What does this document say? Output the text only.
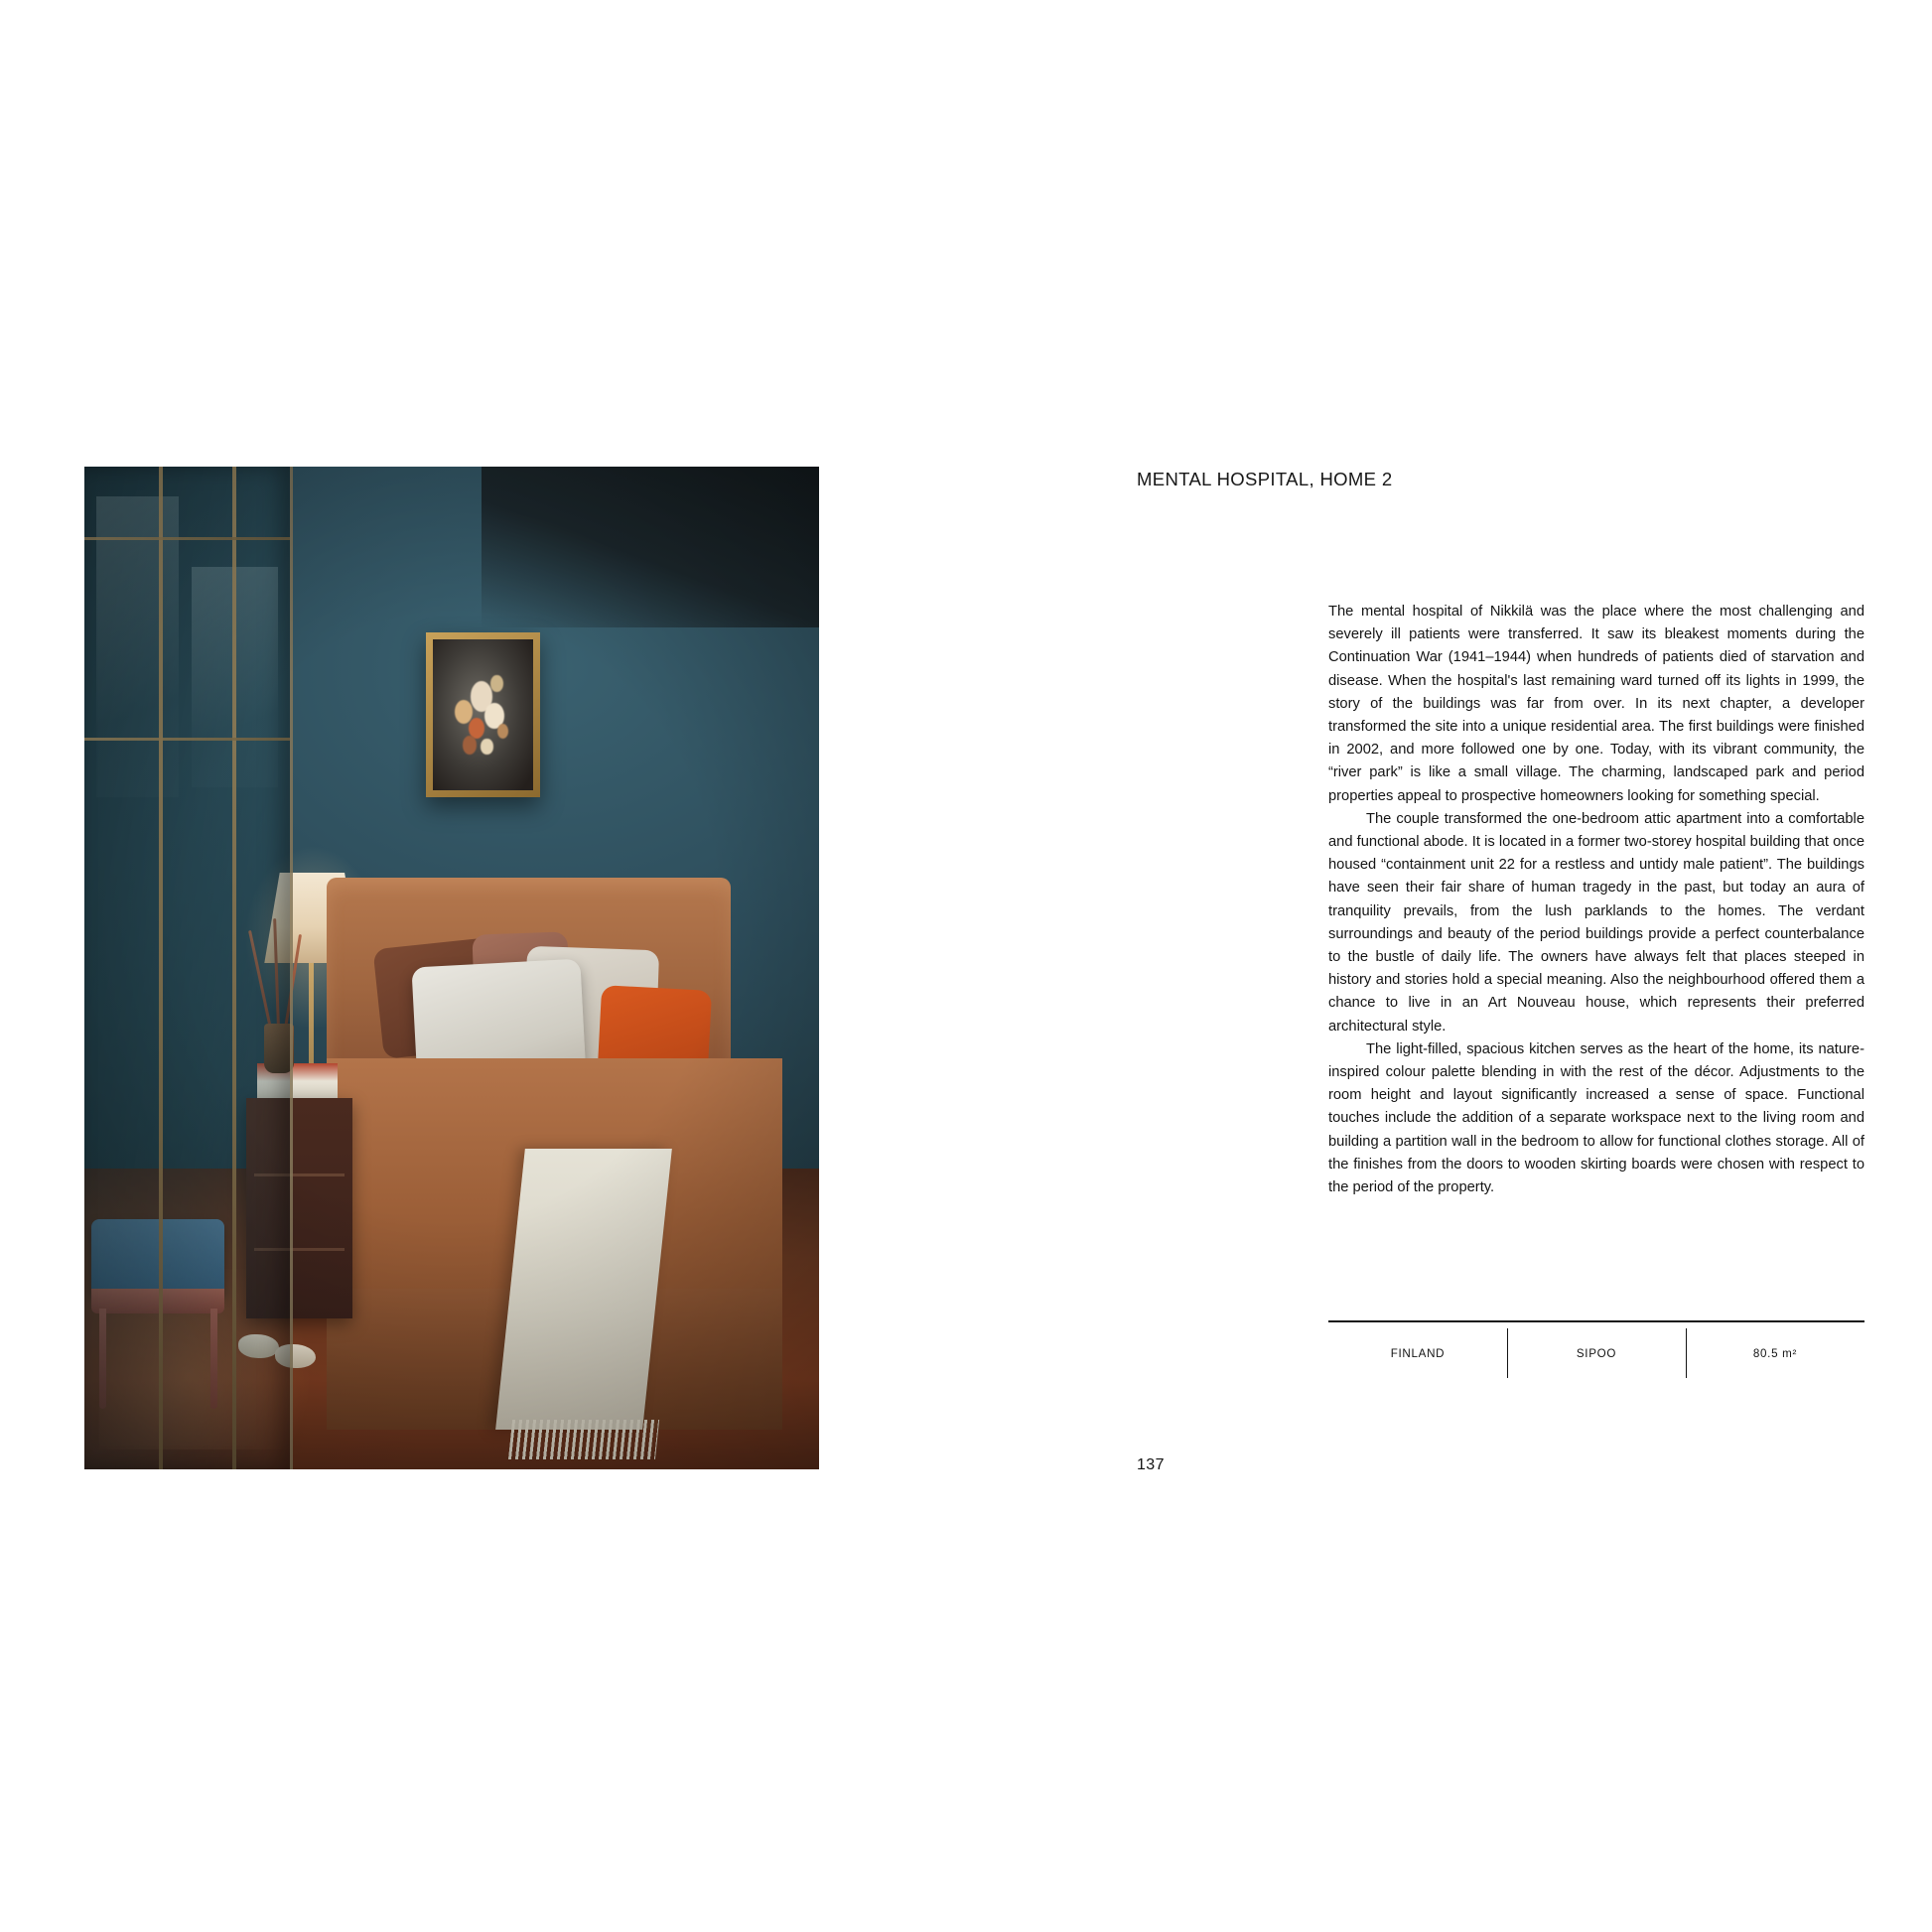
MENTAL HOSPITAL, HOME 2

The mental hospital of Nikkilä was the place where the most challenging and severely ill patients were transferred. It saw its bleakest moments during the Continuation War (1941–1944) when hundreds of patients died of starvation and disease. When the hospital's last remaining ward turned off its lights in 1999, the story of the buildings was far from over. In its next chapter, a developer transformed the site into a unique residential area. The first buildings were finished in 2002, and more followed one by one. Today, with its vibrant community, the “river park” is like a small village. The charming, landscaped park and period properties appeal to prospective homeowners looking for something special.

The couple transformed the one-bedroom attic apartment into a comfortable and functional abode. It is located in a former two-storey hospital building that once housed “containment unit 22 for a restless and untidy male patient”. The buildings have seen their fair share of human tragedy in the past, but today an aura of tranquility prevails, from the lush parklands to the homes. The verdant surroundings and beauty of the period buildings provide a perfect counterbalance to the bustle of daily life. The owners have always felt that places steeped in history and stories hold a special meaning. Also the neighbourhood offered them a chance to live in an Art Nouveau house, which represents their preferred architectural style.

The light-filled, spacious kitchen serves as the heart of the home, its nature-inspired colour palette blending in with the rest of the décor. Adjustments to the room height and layout significantly increased a sense of space. Functional touches include the addition of a separate workspace next to the living room and building a partition wall in the bedroom to allow for functional clothes storage. All of the finishes from the doors to wooden skirting boards were chosen with respect to the period of the property.

FINLAND	SIPOO	80.5 m²
137
